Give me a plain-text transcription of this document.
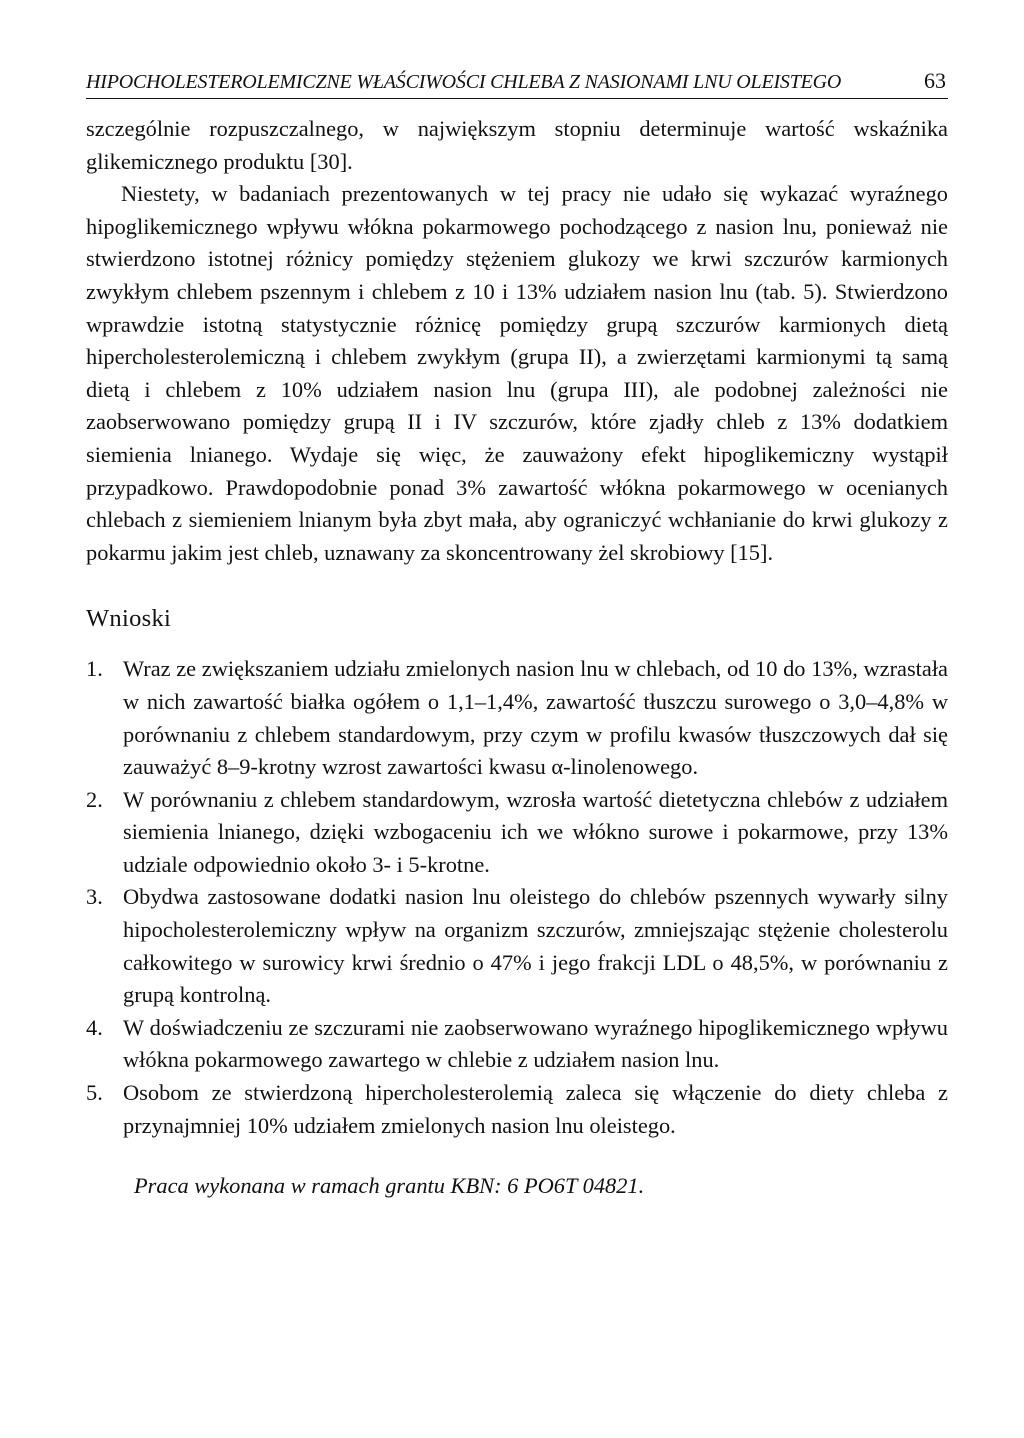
HIPOCHOLESTEROLEMICZNE WŁAŚCIWOŚCI CHLEBA Z NASIONAMI LNU OLEISTEGO	63

szczególnie rozpuszczalnego, w największym stopniu determinuje wartość wskaźnika glikemicznego produktu [30].

Niestety, w badaniach prezentowanych w tej pracy nie udało się wykazać wyraźnego hipoglikemicznego wpływu włókna pokarmowego pochodzącego z nasion lnu, ponieważ nie stwierdzono istotnej różnicy pomiędzy stężeniem glukozy we krwi szczurów karmionych zwykłym chlebem pszennym i chlebem z 10 i 13% udziałem nasion lnu (tab. 5). Stwierdzono wprawdzie istotną statystycznie różnicę pomiędzy grupą szczurów karmionych dietą hipercholesterolemiczną i chlebem zwykłym (grupa II), a zwierzętami karmionymi tą samą dietą i chlebem z 10% udziałem nasion lnu (grupa III), ale podobnej zależności nie zaobserwowano pomiędzy grupą II i IV szczurów, które zjadły chleb z 13% dodatkiem siemienia lnianego. Wydaje się więc, że zauważony efekt hipoglikemiczny wystąpił przypadkowo. Prawdopodobnie ponad 3% zawartość włókna pokarmowego w ocenianych chlebach z siemieniem lnianym była zbyt mała, aby ograniczyć wchłanianie do krwi glukozy z pokarmu jakim jest chleb, uznawany za skoncentrowany żel skrobiowy [15].

Wnioski
1. Wraz ze zwiększaniem udziału zmielonych nasion lnu w chlebach, od 10 do 13%, wzrastała w nich zawartość białka ogółem o 1,1–1,4%, zawartość tłuszczu surowego o 3,0–4,8% w porównaniu z chlebem standardowym, przy czym w profilu kwasów tłuszczowych dał się zauważyć 8–9-krotny wzrost zawartości kwasu α-linolenowego.
2. W porównaniu z chlebem standardowym, wzrosła wartość dietetyczna chlebów z udziałem siemienia lnianego, dzięki wzbogaceniu ich we włókno surowe i pokarmowe, przy 13% udziale odpowiednio około 3- i 5-krotne.
3. Obydwa zastosowane dodatki nasion lnu oleistego do chlebów pszennych wywarły silny hipocholesterolemiczny wpływ na organizm szczurów, zmniejszając stężenie cholesterolu całkowitego w surowicy krwi średnio o 47% i jego frakcji LDL o 48,5%, w porównaniu z grupą kontrolną.
4. W doświadczeniu ze szczurami nie zaobserwowano wyraźnego hipoglikemicznego wpływu włókna pokarmowego zawartego w chlebie z udziałem nasion lnu.
5. Osobom ze stwierdzoną hipercholesterolemią zaleca się włączenie do diety chleba z przynajmniej 10% udziałem zmielonych nasion lnu oleistego.

Praca wykonana w ramach grantu KBN: 6 PO6T 04821.
